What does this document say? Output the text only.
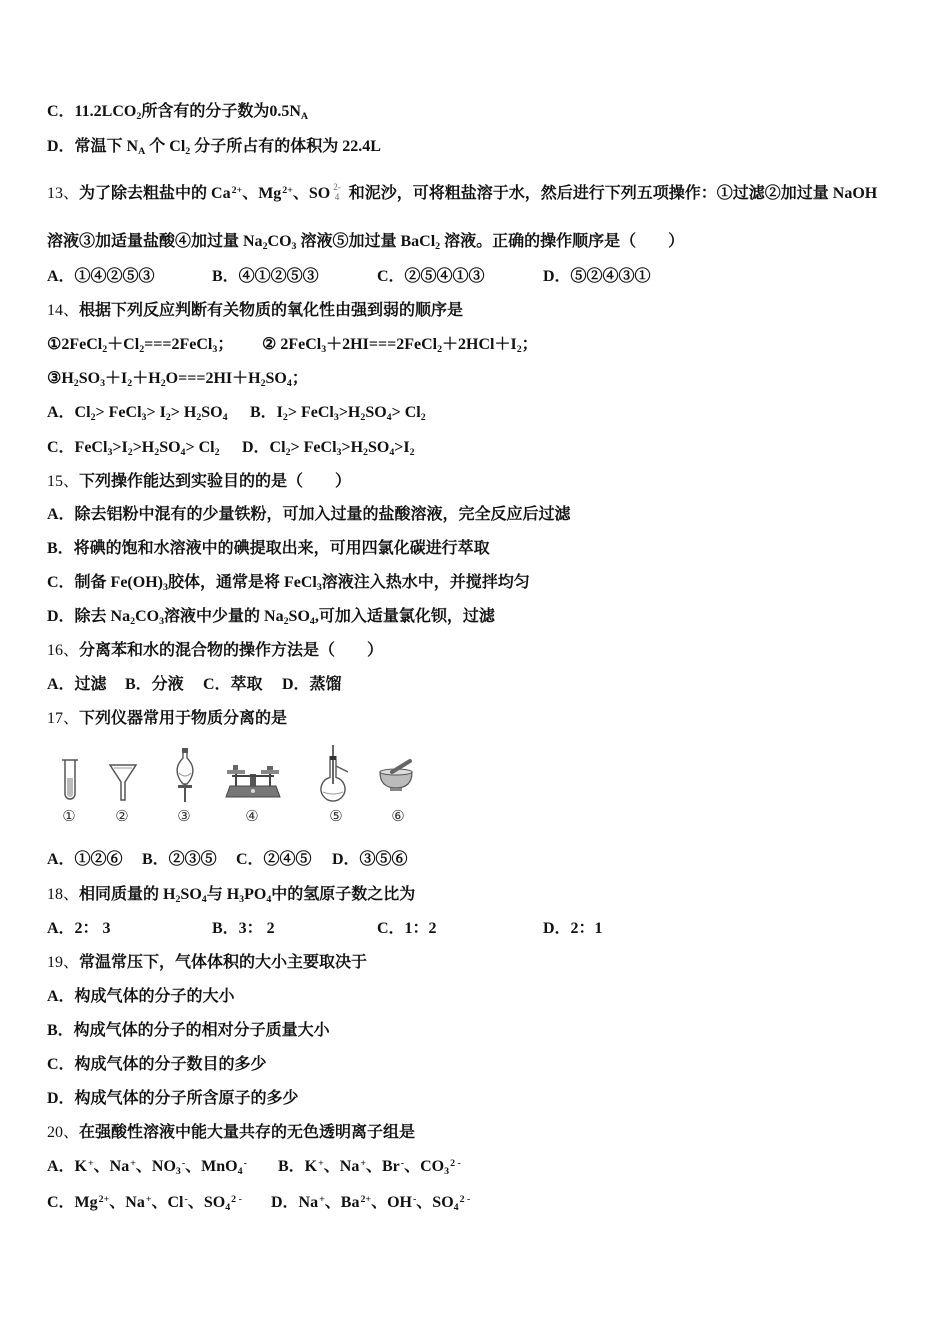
C．$11.2LCO_2$所含有的分子数为$0.5N_A$
D．常温下 $N_A$ 个 $Cl_2$ 分子所占有的体积为 22.4L
13、为了除去粗盐中的 $Ca^{2+}$、$Mg^{2+}$、SO 2-
4 和泥沙，可将粗盐溶于水，然后进行下列五项操作：①过滤②加过量 NaOH
溶液③加适量盐酸④加过量 $Na_2CO_3$ 溶液⑤加过量 BaCl$_2$ 溶液。正确的操作顺序是（　　）
A．①④②⑤③	B．④①②⑤③	C．②⑤④①③	D．⑤②④③①
14、根据下列反应判断有关物质的氧化性由强到弱的顺序是
$①2FeCl_2+Cl_2===2FeCl_3$； ② $2FeCl_3+2HI===2FeCl_2+2HCl+I_2$；
$③H_2SO_3+I_2+H_2O===2HI+H_2SO_4$；
A．$Cl_2>$ FeCl$_3$> $I_2> H_2SO_4$ B．$I_2>$ $FeCl_3>H_2SO_4> Cl_2$
C．$FeCl_3>I_2>H_2SO_4> Cl_2$ D．$Cl_2>$ $FeCl_3>H_2SO_4>I_2$
15、下列操作能达到实验目的的是（　　）
A．除去铝粉中混有的少量铁粉，可加入过量的盐酸溶液，完全反应后过滤
B．将碘的饱和水溶液中的碘提取出来，可用四氯化碳进行萃取
C．制备 $Fe(OH)_3$胶体，通常是将 FeCl$_3$溶液注入热水中，并搅拌均匀
D．除去 $Na_2CO_3$溶液中少量的 $Na_2SO_4$,可加入适量氯化钡，过滤
16、分离苯和水的混合物的操作方法是（　　）
A．过滤 B．分液 C．萃取 D．蒸馏
17、下列仪器常用于物质分离的是
①	②	③	④	⑤	⑥
A．①②⑥ B．②③⑤ C．②④⑤ D．③⑤⑥
18、相同质量的 $H_2SO_4$与 $H_3PO_4$中的氢原子数之比为
A．2： 3	B．3： 2	C．1：2	D．2：1
19、常温常压下，气体体积的大小主要取决于
A．构成气体的分子的大小
B．构成气体的分子的相对分子质量大小
C．构成气体的分子数目的多少
D．构成气体的分子所含原子的多少
20、在强酸性溶液中能大量共存的无色透明离子组是
A．K+、Na+、$NO_3^-$、MnO$_4$- B．K+、Na+、Br-、$CO_3^{2 -}$
C．$Mg^{2+}$、Na+、Cl-、$SO_4^{2 -}$ D．Na+、$Ba^{2+}$、OH-、$SO_4^{2 -}$
